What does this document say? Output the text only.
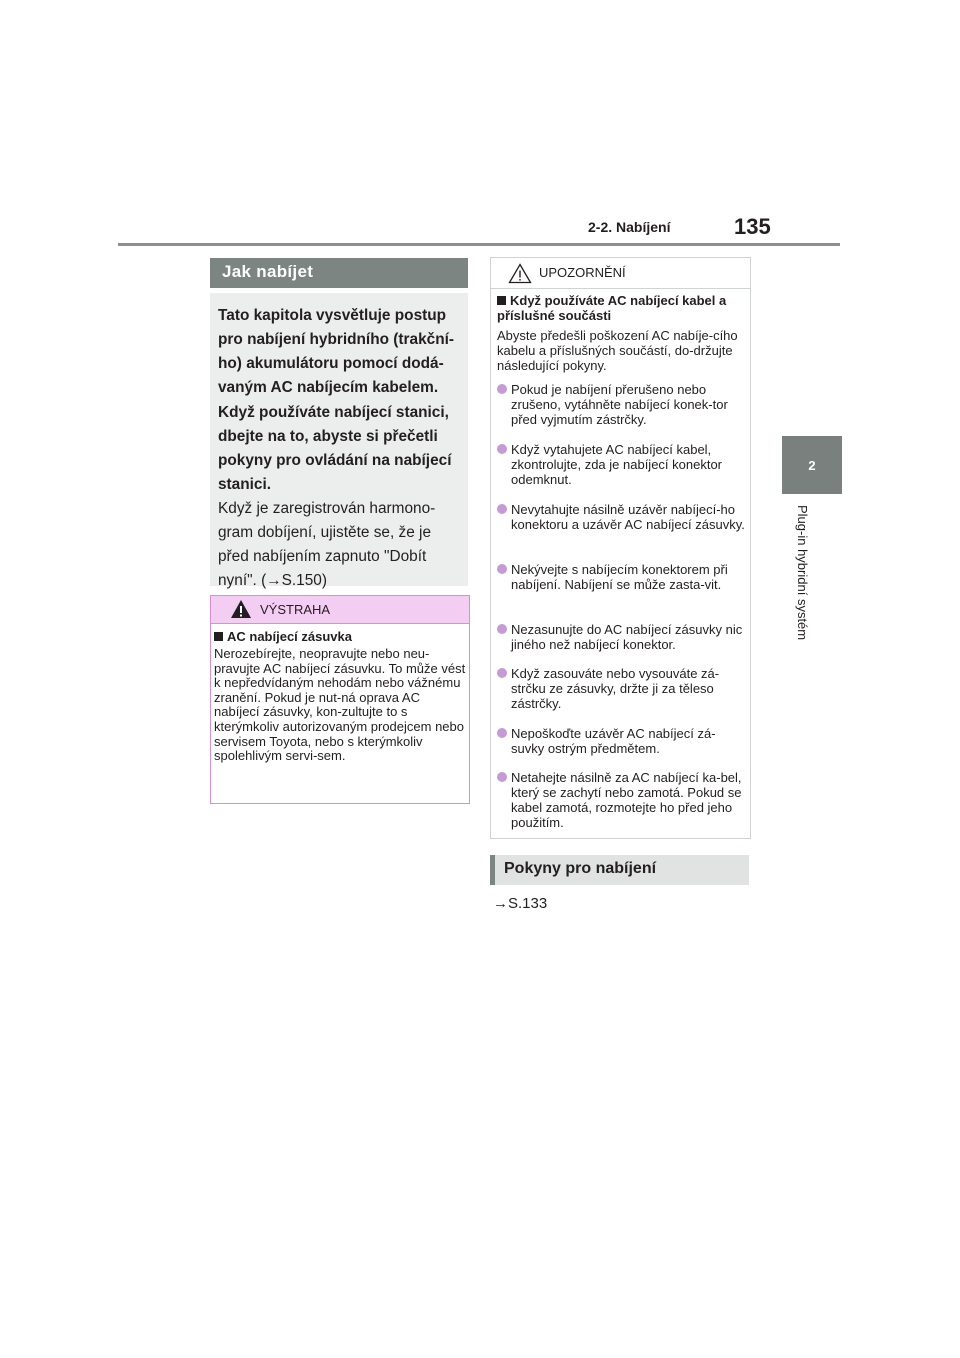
2-2. Nabíjení	135
2
Plug-in hybridní systém
Jak nabíjet
Tato kapitola vysvětluje postup pro nabíjení hybridního (trakční-ho) akumulátoru pomocí dodá-vaným AC nabíjecím kabelem.
Když používáte nabíjecí stanici, dbejte na to, abyste si přečetli pokyny pro ovládání na nabíjecí stanici.
Když je zaregistrován harmono-gram dobíjení, ujistěte se, že je před nabíjením zapnuto "Dobít nyní". (→S.150)
VÝSTRAHA
AC nabíjecí zásuvka
Nerozebírejte, neopravujte nebo neu-pravujte AC nabíjecí zásuvku. To může vést k nepředvídaným nehodám nebo vážnému zranění. Pokud je nut-ná oprava AC nabíjecí zásuvky, kon-zultujte to s kterýmkoliv autorizovaným prodejcem nebo servisem Toyota, nebo s kterýmkoliv spolehlivým servi-sem.
UPOZORNĚNÍ
Když používáte AC nabíjecí kabel a příslušné součásti
Abyste předešli poškození AC nabíje-cího kabelu a příslušných součástí, do-držujte následující pokyny.
Pokud je nabíjení přerušeno nebo zrušeno, vytáhněte nabíjecí konek-tor před vyjmutím zástrčky.
Když vytahujete AC nabíjecí kabel, zkontrolujte, zda je nabíjecí konektor odemknut.
Nevytahujte násilně uzávěr nabíjecí-ho konektoru a uzávěr AC nabíjecí zásuvky.
Nekývejte s nabíjecím konektorem při nabíjení. Nabíjení se může zasta-vit.
Nezasunujte do AC nabíjecí zásuvky nic jiného než nabíjecí konektor.
Když zasouváte nebo vysouváte zá-strčku ze zásuvky, držte ji za těleso zástrčky.
Nepoškoďte uzávěr AC nabíjecí zá-suvky ostrým předmětem.
Netahejte násilně za AC nabíjecí ka-bel, který se zachytí nebo zamotá. Pokud se kabel zamotá, rozmotejte ho před jeho použitím.
Pokyny pro nabíjení
→S.133
